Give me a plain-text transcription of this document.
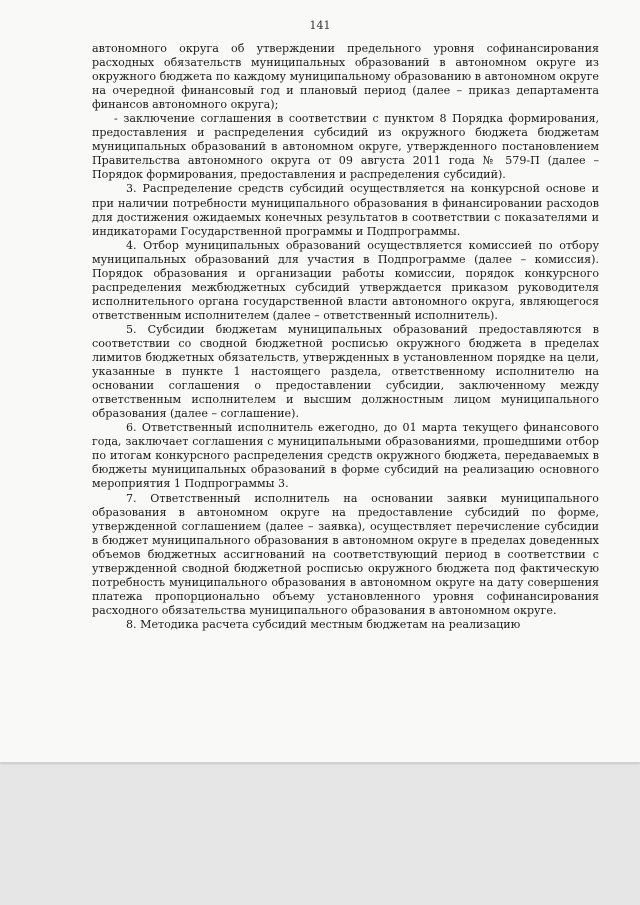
141

автономного округа об утверждении предельного уровня софинансирования расходных обязательств муниципальных образований в автономном округе из окружного бюджета по каждому муниципальному образованию в автономном округе на очередной финансовый год и плановый период (далее – приказ департамента финансов автономного округа);

- заключение соглашения в соответствии с пунктом 8 Порядка формирования, предоставления и распределения субсидий из окружного бюджета бюджетам муниципальных образований в автономном округе, утвержденного постановлением Правительства автономного округа от 09 августа 2011 года № 579-П (далее – Порядок формирования, предоставления и распределения субсидий).

3. Распределение средств субсидий осуществляется на конкурсной основе и при наличии потребности муниципального образования в финансировании расходов для достижения ожидаемых конечных результатов в соответствии с показателями и индикаторами Государственной программы и Подпрограммы.

4. Отбор муниципальных образований осуществляется комиссией по отбору муниципальных образований для участия в Подпрограмме (далее – комиссия). Порядок образования и организации работы комиссии, порядок конкурсного распределения межбюджетных субсидий утверждается приказом руководителя исполнительного органа государственной власти автономного округа, являющегося ответственным исполнителем (далее – ответственный исполнитель).

5. Субсидии бюджетам муниципальных образований предоставляются в соответствии со сводной бюджетной росписью окружного бюджета в пределах лимитов бюджетных обязательств, утвержденных в установленном порядке на цели, указанные в пункте 1 настоящего раздела, ответственному исполнителю на основании соглашения о предоставлении субсидии, заключенному между ответственным исполнителем и высшим должностным лицом муниципального образования (далее – соглашение).

6. Ответственный исполнитель ежегодно, до 01 марта текущего финансового года, заключает соглашения с муниципальными образованиями, прошедшими отбор по итогам конкурсного распределения средств окружного бюджета, передаваемых в бюджеты муниципальных образований в форме субсидий на реализацию основного мероприятия 1 Подпрограммы 3.

7. Ответственный исполнитель на основании заявки муниципального образования в автономном округе на предоставление субсидий по форме, утвержденной соглашением (далее – заявка), осуществляет перечисление субсидии в бюджет муниципального образования в автономном округе в пределах доведенных объемов бюджетных ассигнований на соответствующий период в соответствии с утвержденной сводной бюджетной росписью окружного бюджета под фактическую потребность муниципального образования в автономном округе на дату совершения платежа пропорционально объему установленного уровня софинансирования расходного обязательства муниципального образования в автономном округе.

8. Методика расчета субсидий местным бюджетам на реализацию
